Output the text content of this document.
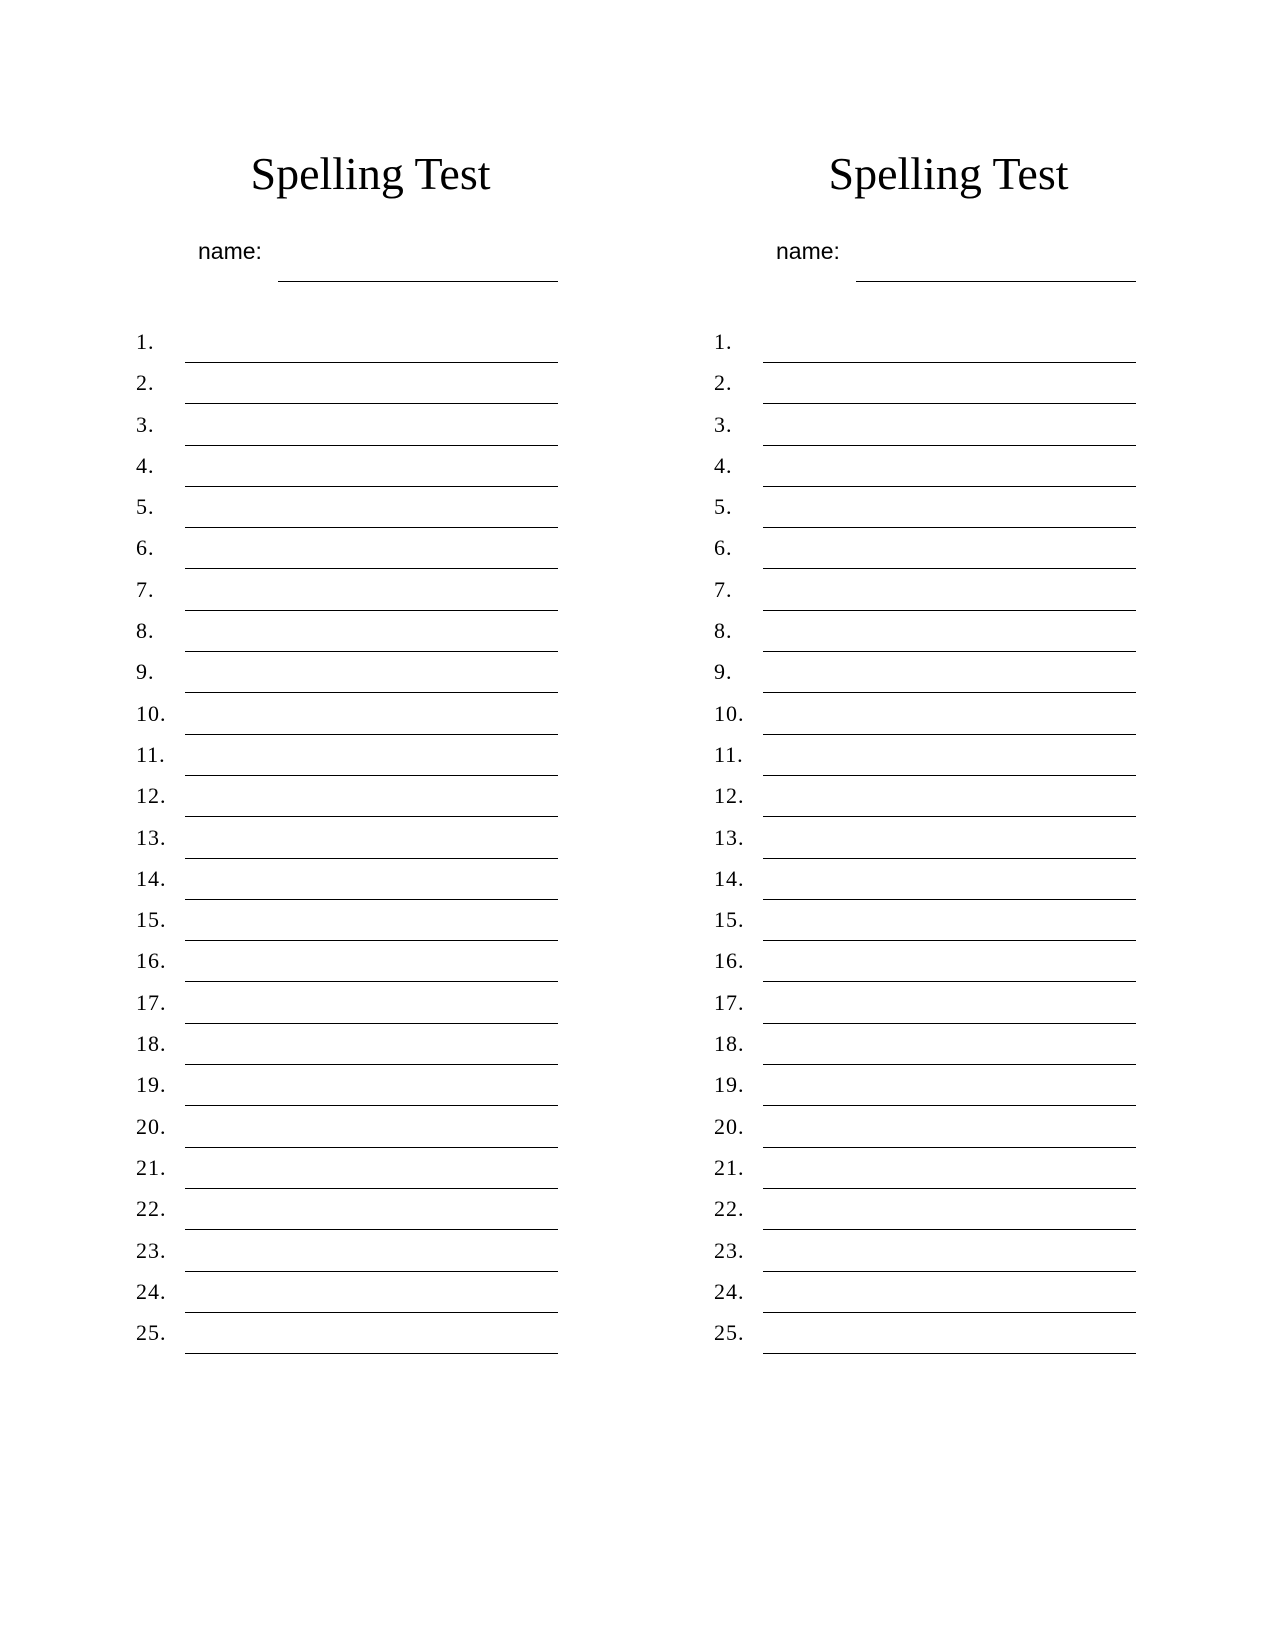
Spelling Test
name:
1.
2.
3.
4.
5.
6.
7.
8.
9.
10.
11.
12.
13.
14.
15.
16.
17.
18.
19.
20.
21.
22.
23.
24.
25.
Spelling Test
name:
1.
2.
3.
4.
5.
6.
7.
8.
9.
10.
11.
12.
13.
14.
15.
16.
17.
18.
19.
20.
21.
22.
23.
24.
25.
